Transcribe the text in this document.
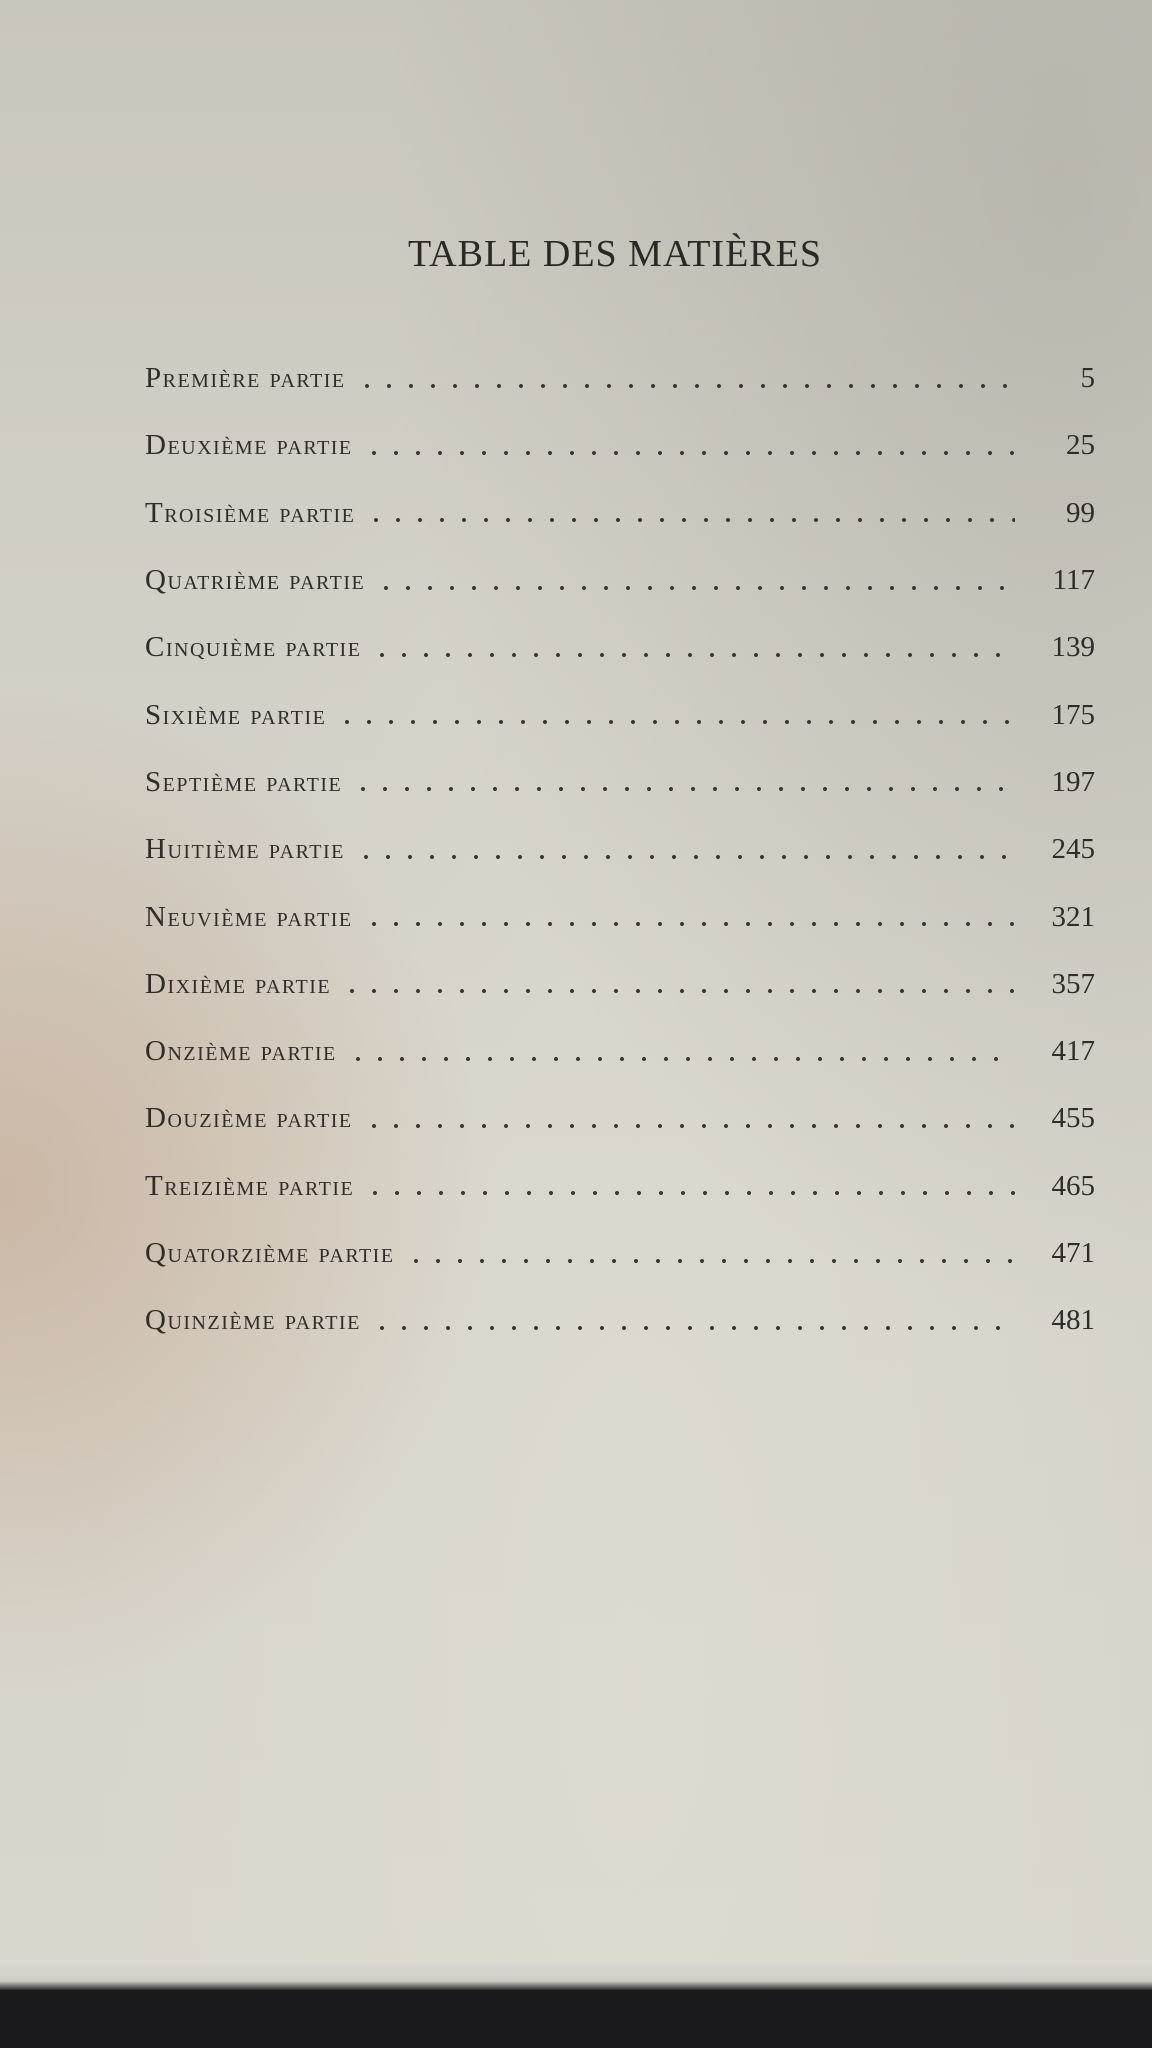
TABLE DES MATIÈRES
Première partie	5
Deuxième partie	25
Troisième partie	99
Quatrième partie	117
Cinquième partie	139
Sixième partie	175
Septième partie	197
Huitième partie	245
Neuvième partie	321
Dixième partie	357
Onzième partie	417
Douzième partie	455
Treizième partie	465
Quatorzième partie	471
Quinzième partie	481
